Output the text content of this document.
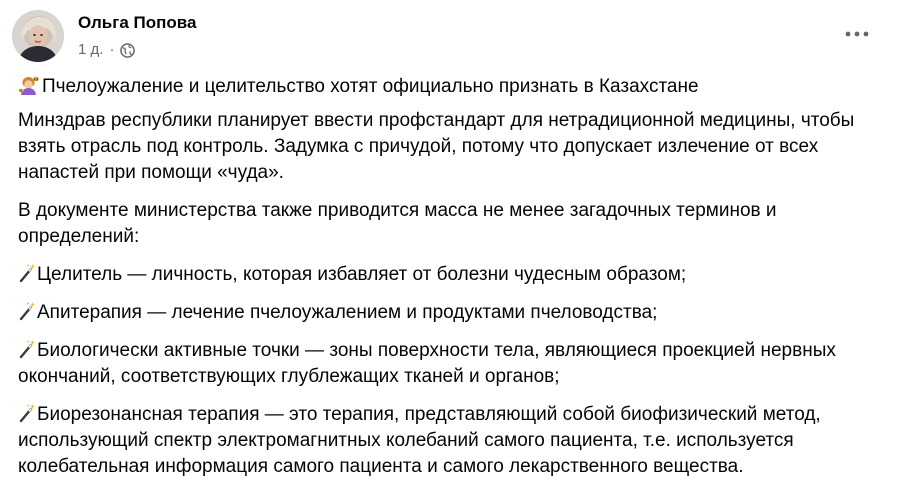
Ольга Попова
1 д. ·
Пчелоужаление и целительство хотят официально признать в Казахстане
Минздрав республики планирует ввести профстандарт для нетрадиционной медицины, чтобы взять отрасль под контроль. Задумка с причудой, потому что допускает излечение от всех напастей при помощи «чуда».
В документе министерства также приводится масса не менее загадочных терминов и определений:
Целитель — личность, которая избавляет от болезни чудесным образом;
Апитерапия — лечение пчелоужалением и продуктами пчеловодства;
Биологически активные точки — зоны поверхности тела, являющиеся проекцией нервных окончаний, соответствующих глублежащих тканей и органов;
Биорезонансная терапия — это терапия, представляющий собой биофизический метод, использующий спектр электромагнитных колебаний самого пациента, т.е. используется колебательная информация самого пациента и самого лекарственного вещества.
